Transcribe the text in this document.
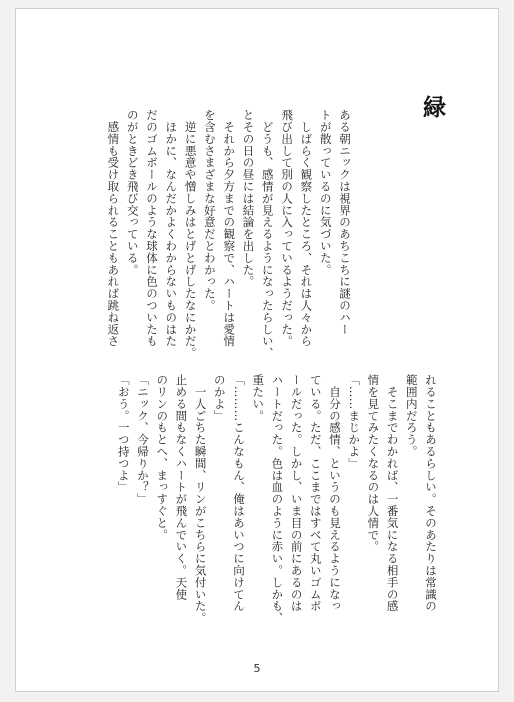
緑
ある朝ニックは視界のあちこちに謎のハー
トが散っているのに気づいた。
　しばらく観察したところ、それは人々から
飛び出して別の人に入っているようだった。
　どうも、感情が見えるようになったらしい、
とその日の昼には結論を出した。
　それから夕方までの観察で、ハートは愛情
を含むさまざまな好意だとわかった。
　逆に悪意や憎しみはとげとげしたなにかだ。
　ほかに、なんだかよくわからないものはた
だのゴムボールのような球体に色のついたも
のがときどき飛び交っている。
　感情も受け取られることもあれば跳ね返さ
れることもあるらしい。そのあたりは常識の
範囲内だろう。
　そこまでわかれば、一番気になる相手の感
情を見てみたくなるのは人情で。
「……まじかよ」
　自分の感情、というのも見えるようになっ
ている。ただ、ここまではすべて丸いゴムボ
ールだった。しかし、いま目の前にあるのは
ハートだった。色は血のように赤い。しかも、
重たい。
「………こんなもん、俺はあいつに向けてん
のかよ」
　一人ごちた瞬間、リンがこちらに気付いた。
止める間もなくハートが飛んでいく。天使
のリンのもとへ、まっすぐと。
「ニック、今帰りか？」
「おう。一つ持つよ」
5
